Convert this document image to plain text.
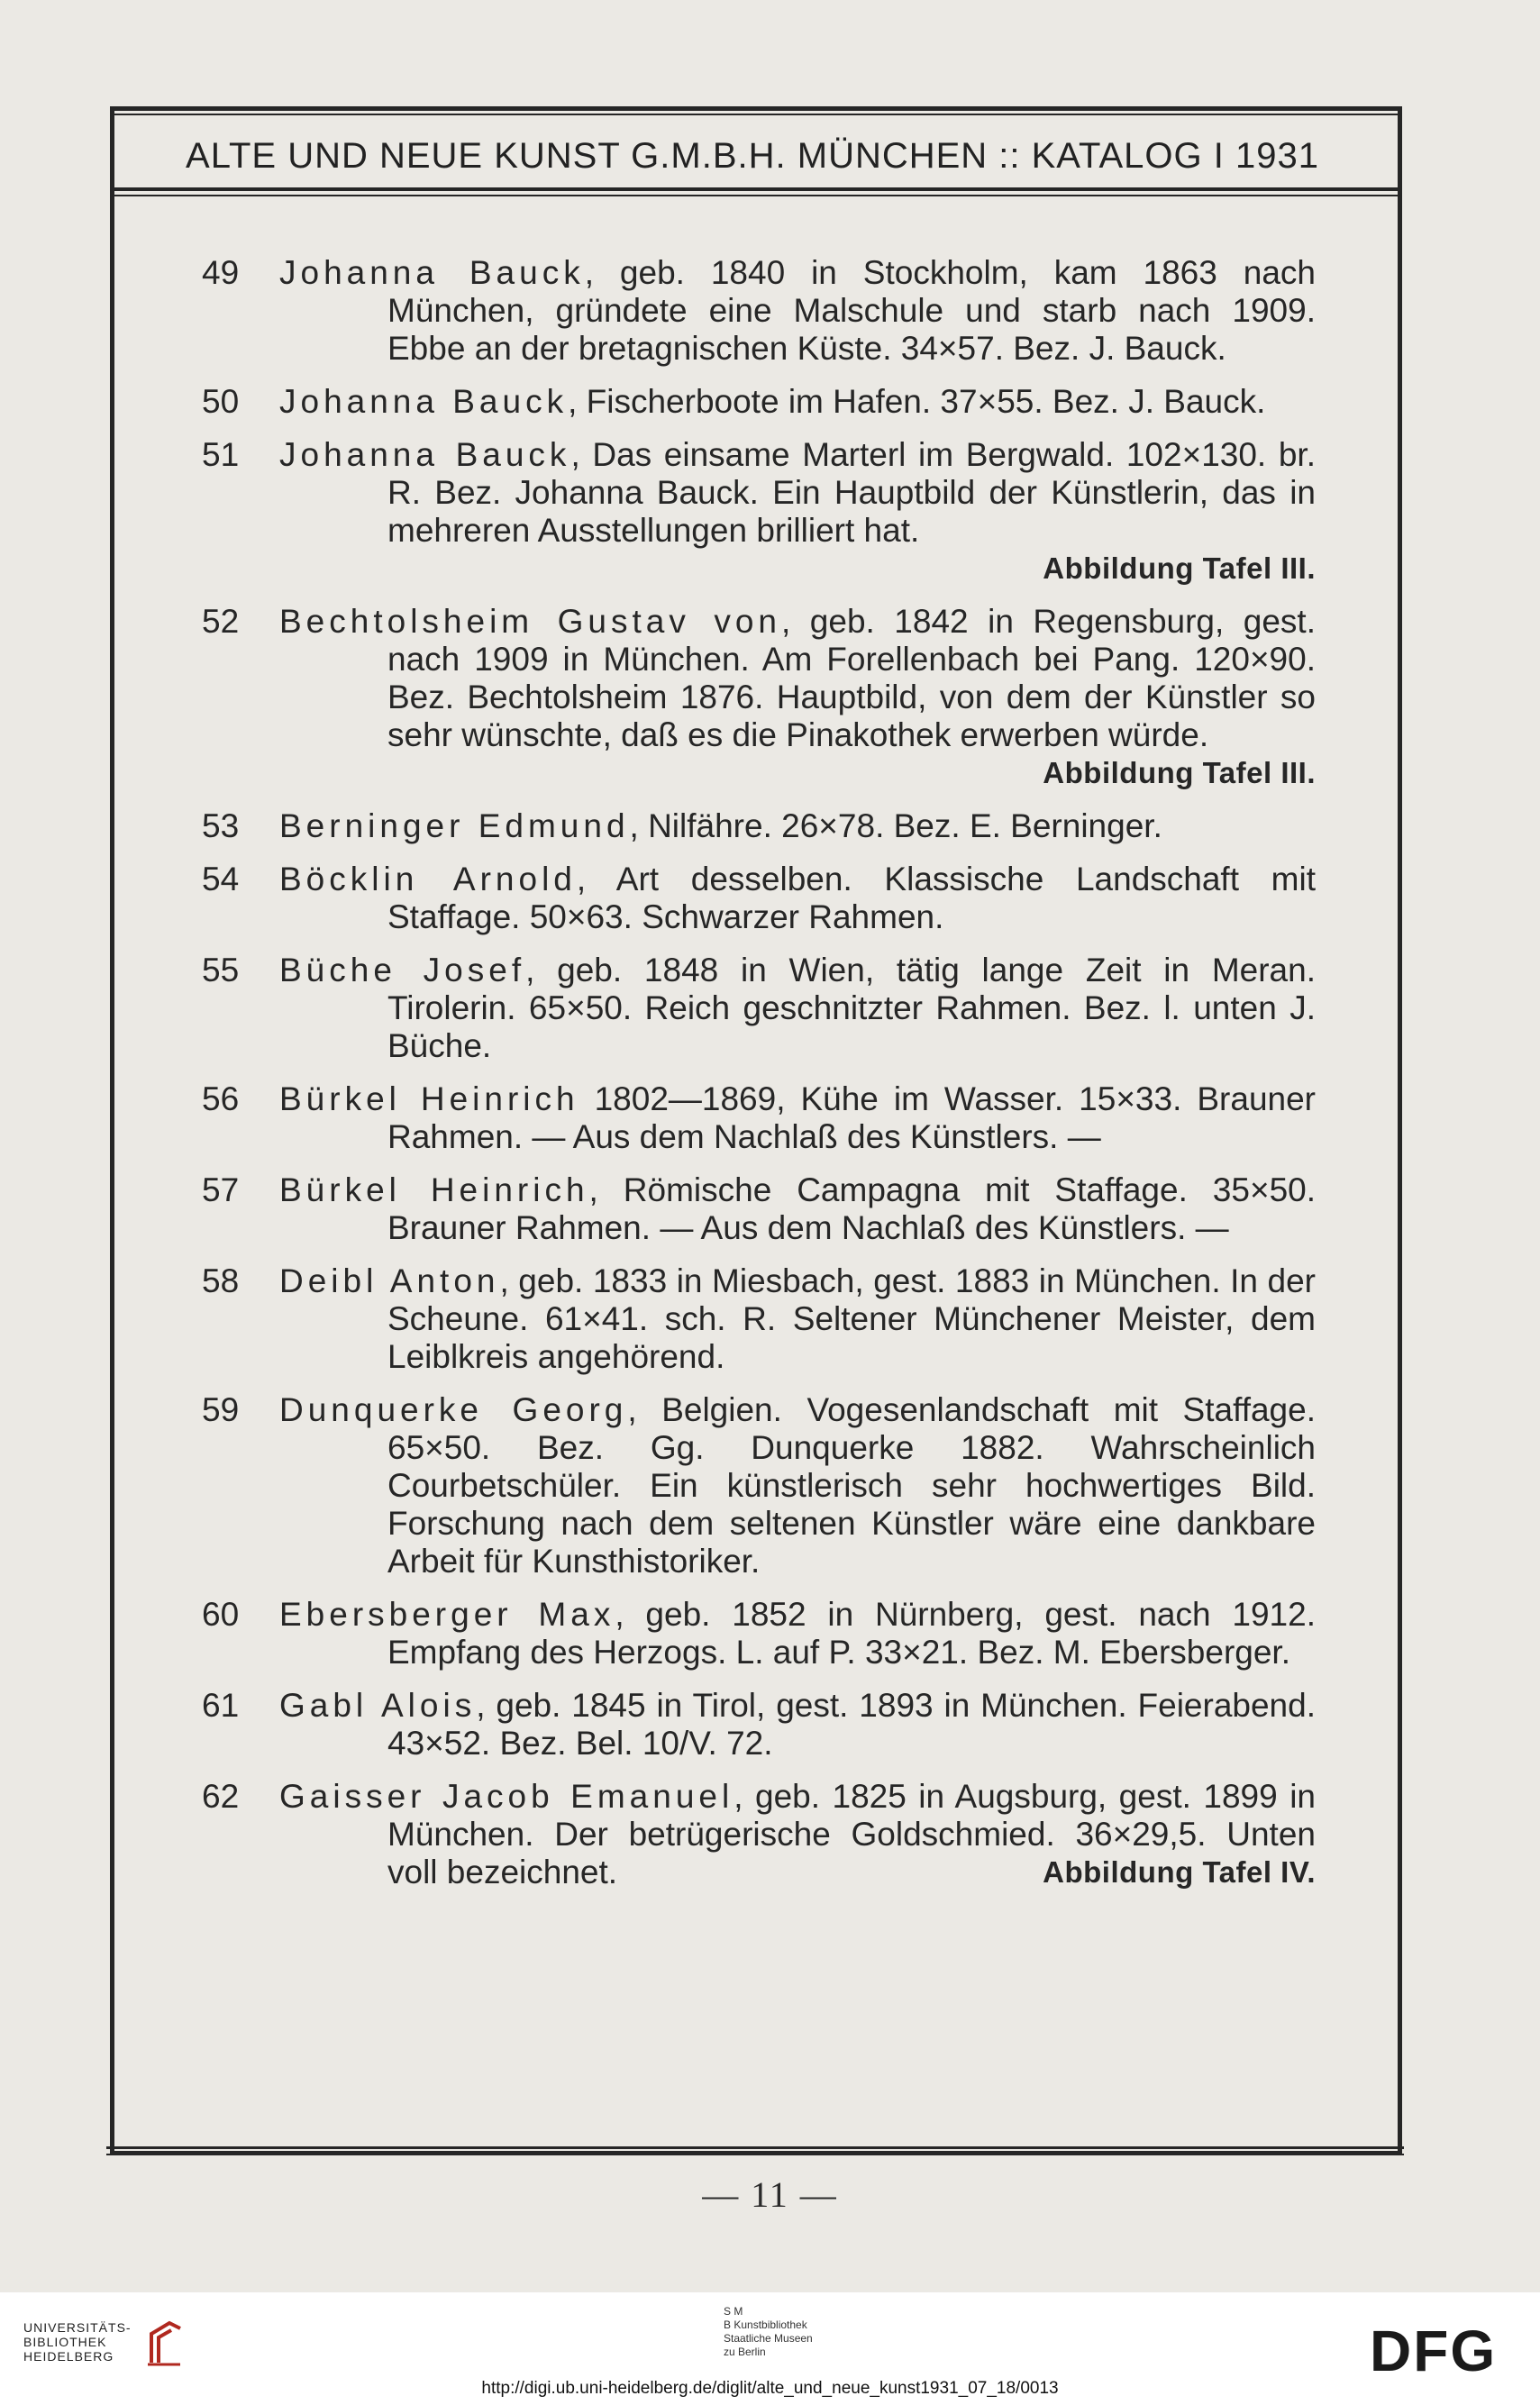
ALTE UND NEUE KUNST G.M.B.H. MÜNCHEN :: KATALOG I 1931
49	Johanna Bauck, geb. 1840 in Stockholm, kam 1863 nach München, gründete eine Malschule und starb nach 1909. Ebbe an der bretagnischen Küste. 34×57. Bez. J. Bauck.
50	Johanna Bauck, Fischerboote im Hafen. 37×55. Bez. J. Bauck.
51	Johanna Bauck, Das einsame Marterl im Bergwald. 102×130. br. R. Bez. Johanna Bauck. Ein Hauptbild der Künstlerin, das in mehreren Ausstellungen brilliert hat.

Abbildung Tafel III.
52	Bechtolsheim Gustav von, geb. 1842 in Regensburg, gest. nach 1909 in München. Am Forellenbach bei Pang. 120×90. Bez. Bechtolsheim 1876. Hauptbild, von dem der Künstler so sehr wünschte, daß es die Pinakothek erwerben würde.
Abbildung Tafel III.
53	Berninger Edmund, Nilfähre. 26×78. Bez. E. Berninger.
54	Böcklin Arnold, Art desselben. Klassische Landschaft mit Staffage. 50×63. Schwarzer Rahmen.
55	Büche Josef, geb. 1848 in Wien, tätig lange Zeit in Meran. Tirolerin. 65×50. Reich geschnitzter Rahmen. Bez. l. unten J. Büche.
56	Bürkel Heinrich 1802—1869, Kühe im Wasser. 15×33. Brauner Rahmen. — Aus dem Nachlaß des Künstlers. —
57	Bürkel Heinrich, Römische Campagna mit Staffage. 35×50. Brauner Rahmen. — Aus dem Nachlaß des Künstlers. —
58	Deibl Anton, geb. 1833 in Miesbach, gest. 1883 in München. In der Scheune. 61×41. sch. R. Seltener Münchener Meister, dem Leiblkreis angehörend.
59	Dunquerke Georg, Belgien. Vogesenlandschaft mit Staffage. 65×50. Bez. Gg. Dunquerke 1882. Wahrscheinlich Courbetschüler. Ein künstlerisch sehr hochwertiges Bild. Forschung nach dem seltenen Künstler wäre eine dankbare Arbeit für Kunsthistoriker.
60	Ebersberger Max, geb. 1852 in Nürnberg, gest. nach 1912. Empfang des Herzogs. L. auf P. 33×21. Bez. M. Ebersberger.
61	Gabl Alois, geb. 1845 in Tirol, gest. 1893 in München. Feierabend. 43×52. Bez. Bel. 10/V. 72.
62	Gaisser Jacob Emanuel, geb. 1825 in Augsburg, gest. 1899 in München. Der betrügerische Goldschmied. 36×29,5. Unten voll bezeichnet.	Abbildung Tafel IV.
— 11 —
UNIVERSITÄTS-
BIBLIOTHEK
HEIDELBERG
S M
B Kunstbibliothek
Staatliche Museen
zu Berlin	DFG
http://digi.ub.uni-heidelberg.de/diglit/alte_und_neue_kunst1931_07_18/0013
